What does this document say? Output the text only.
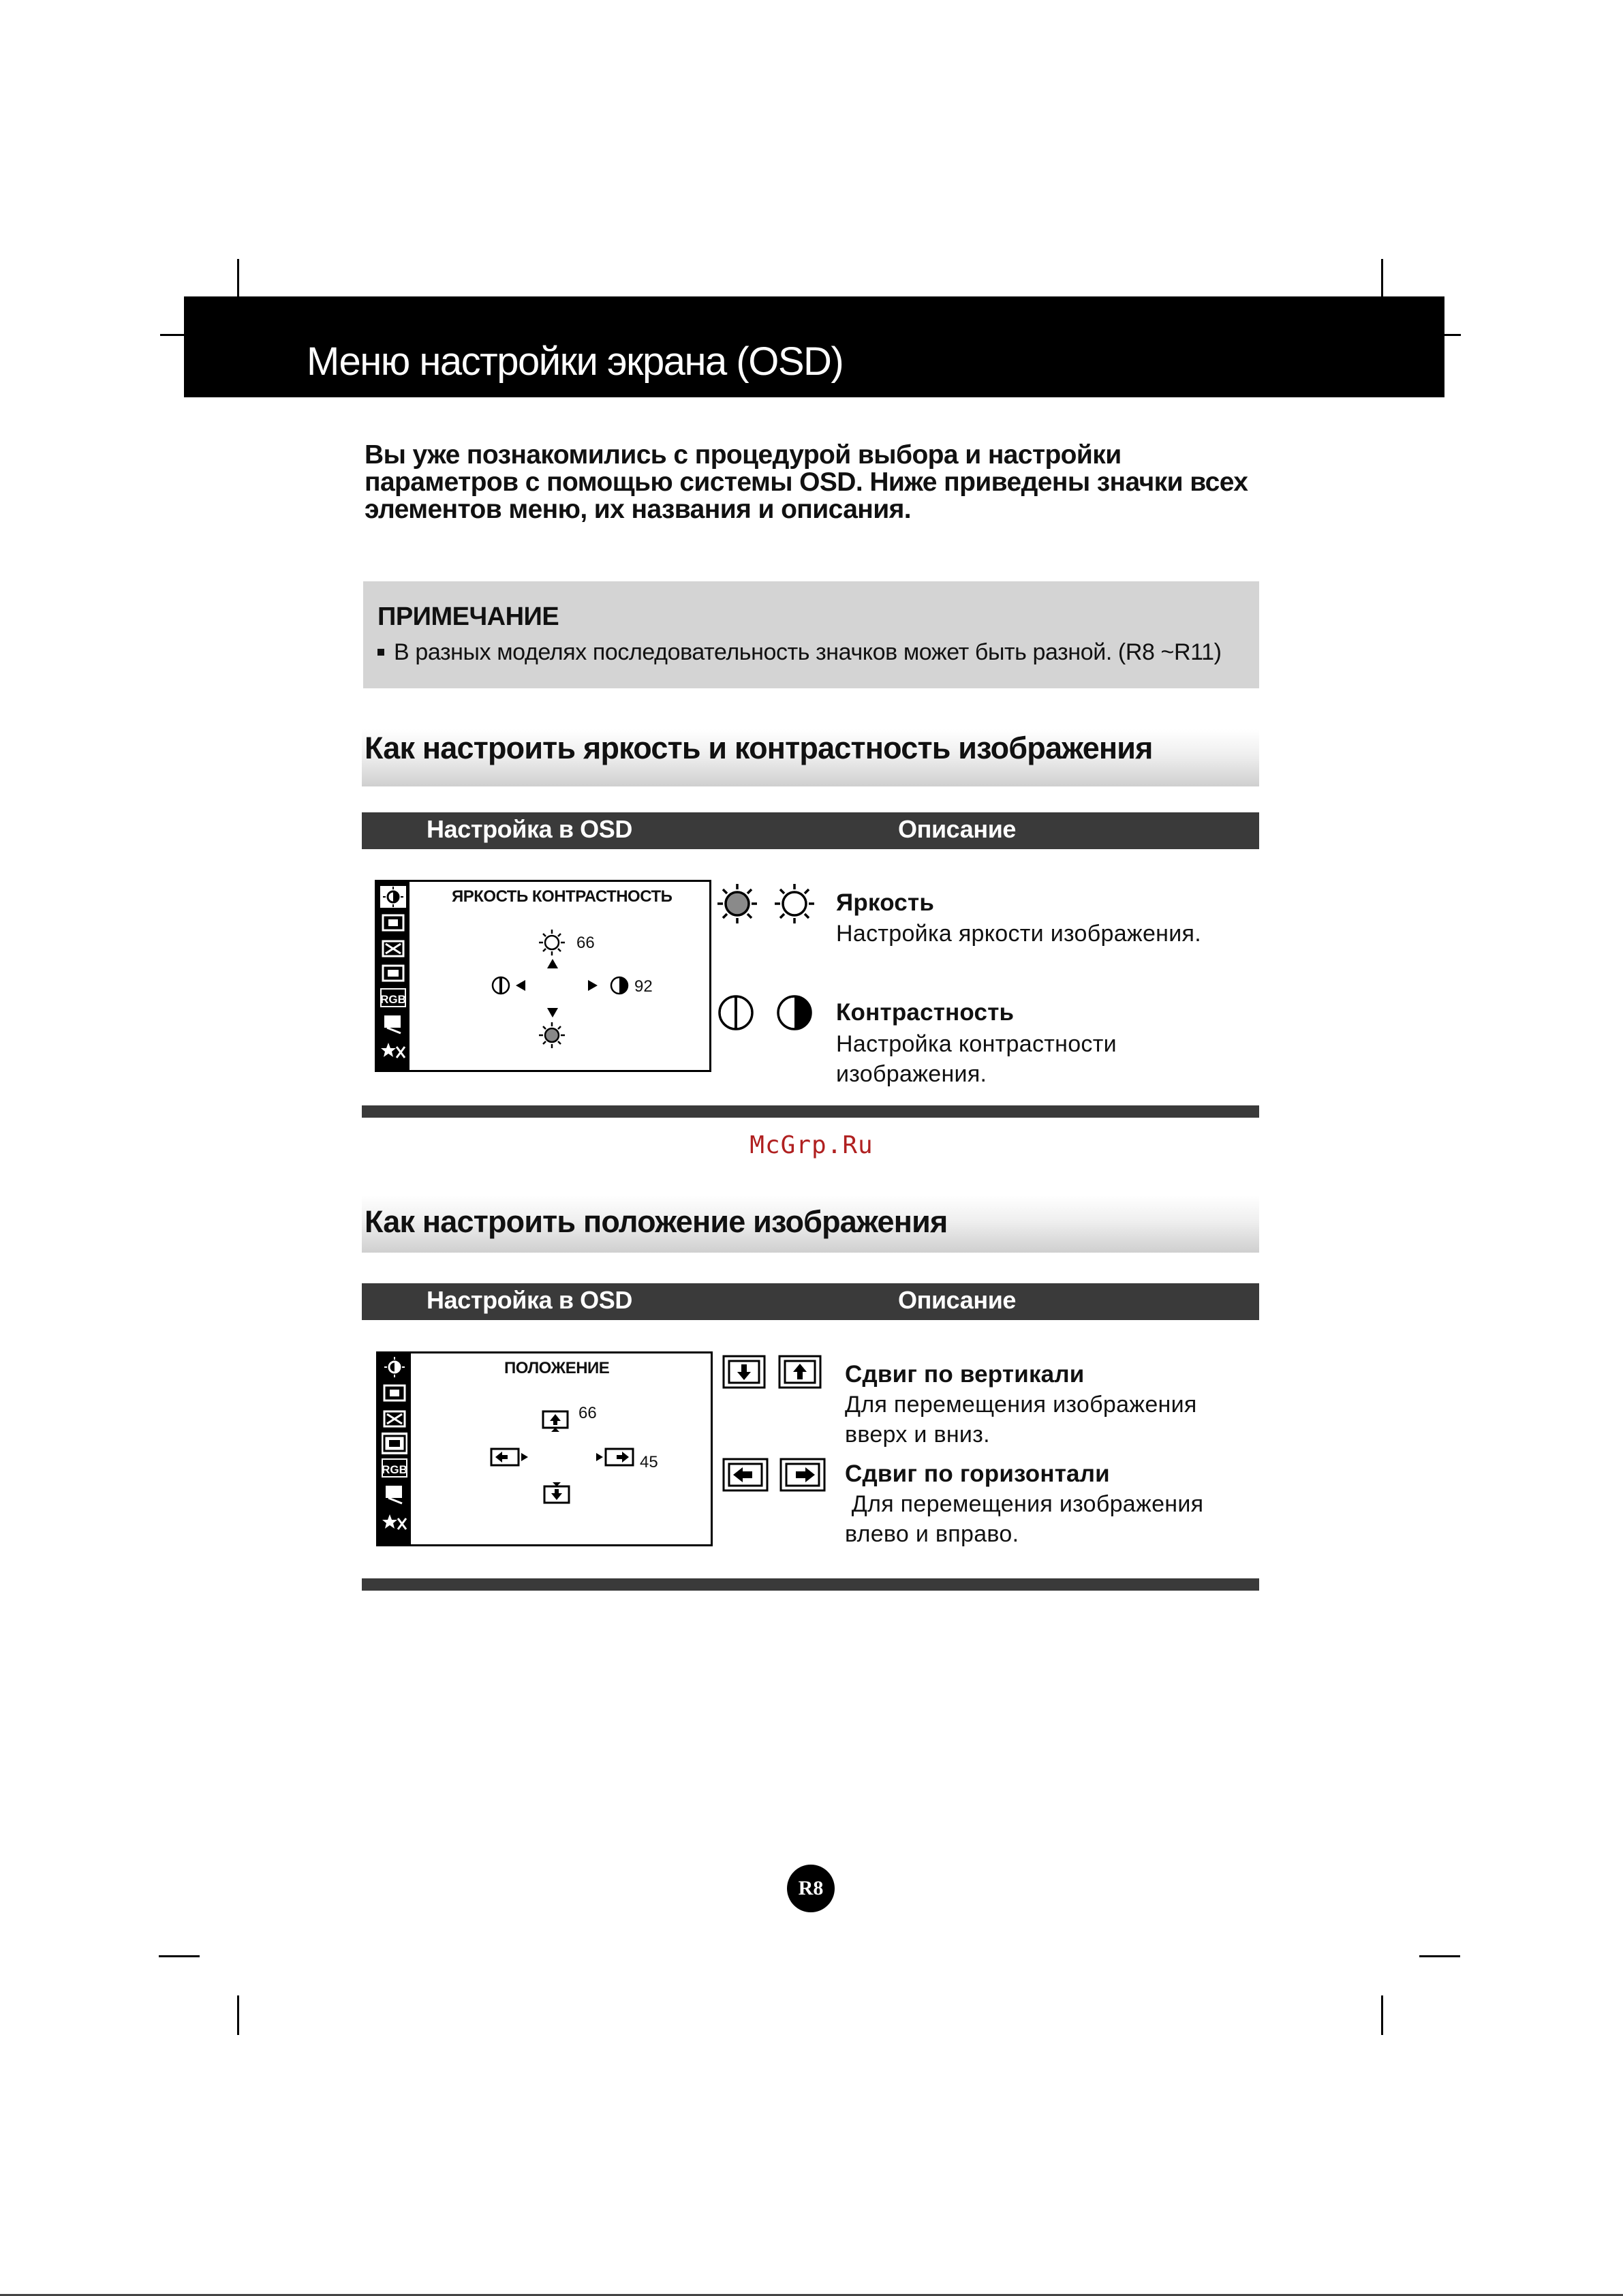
Меню настройки экрана (OSD)
Вы уже познакомились с процедурой выбора и настройки
параметров с помощью системы OSD. Ниже приведены значки всех
элементов меню, их названия и описания.
ПРИМЕЧАНИЕ
В разных моделях последовательность значков может быть разной. (R8 ~R11)
Как настроить яркость и контрастность изображения
Настройка в OSD	Описание
RGB
ЯРКОСТЬ КОНТРАСТНОСТЬ
66
92
Яркость
Настройка яркости изображения.
Контрастность
Настройка контрастности
изображения.
McGrp.Ru
Как настроить положение изображения
Настройка в OSD	Описание
RGB
ПОЛОЖЕНИЕ
66
45
Сдвиг по вертикали
Для перемещения изображения
вверх и вниз.
Сдвиг по горизонтали
Для перемещения изображения
влево и вправо.
R8
